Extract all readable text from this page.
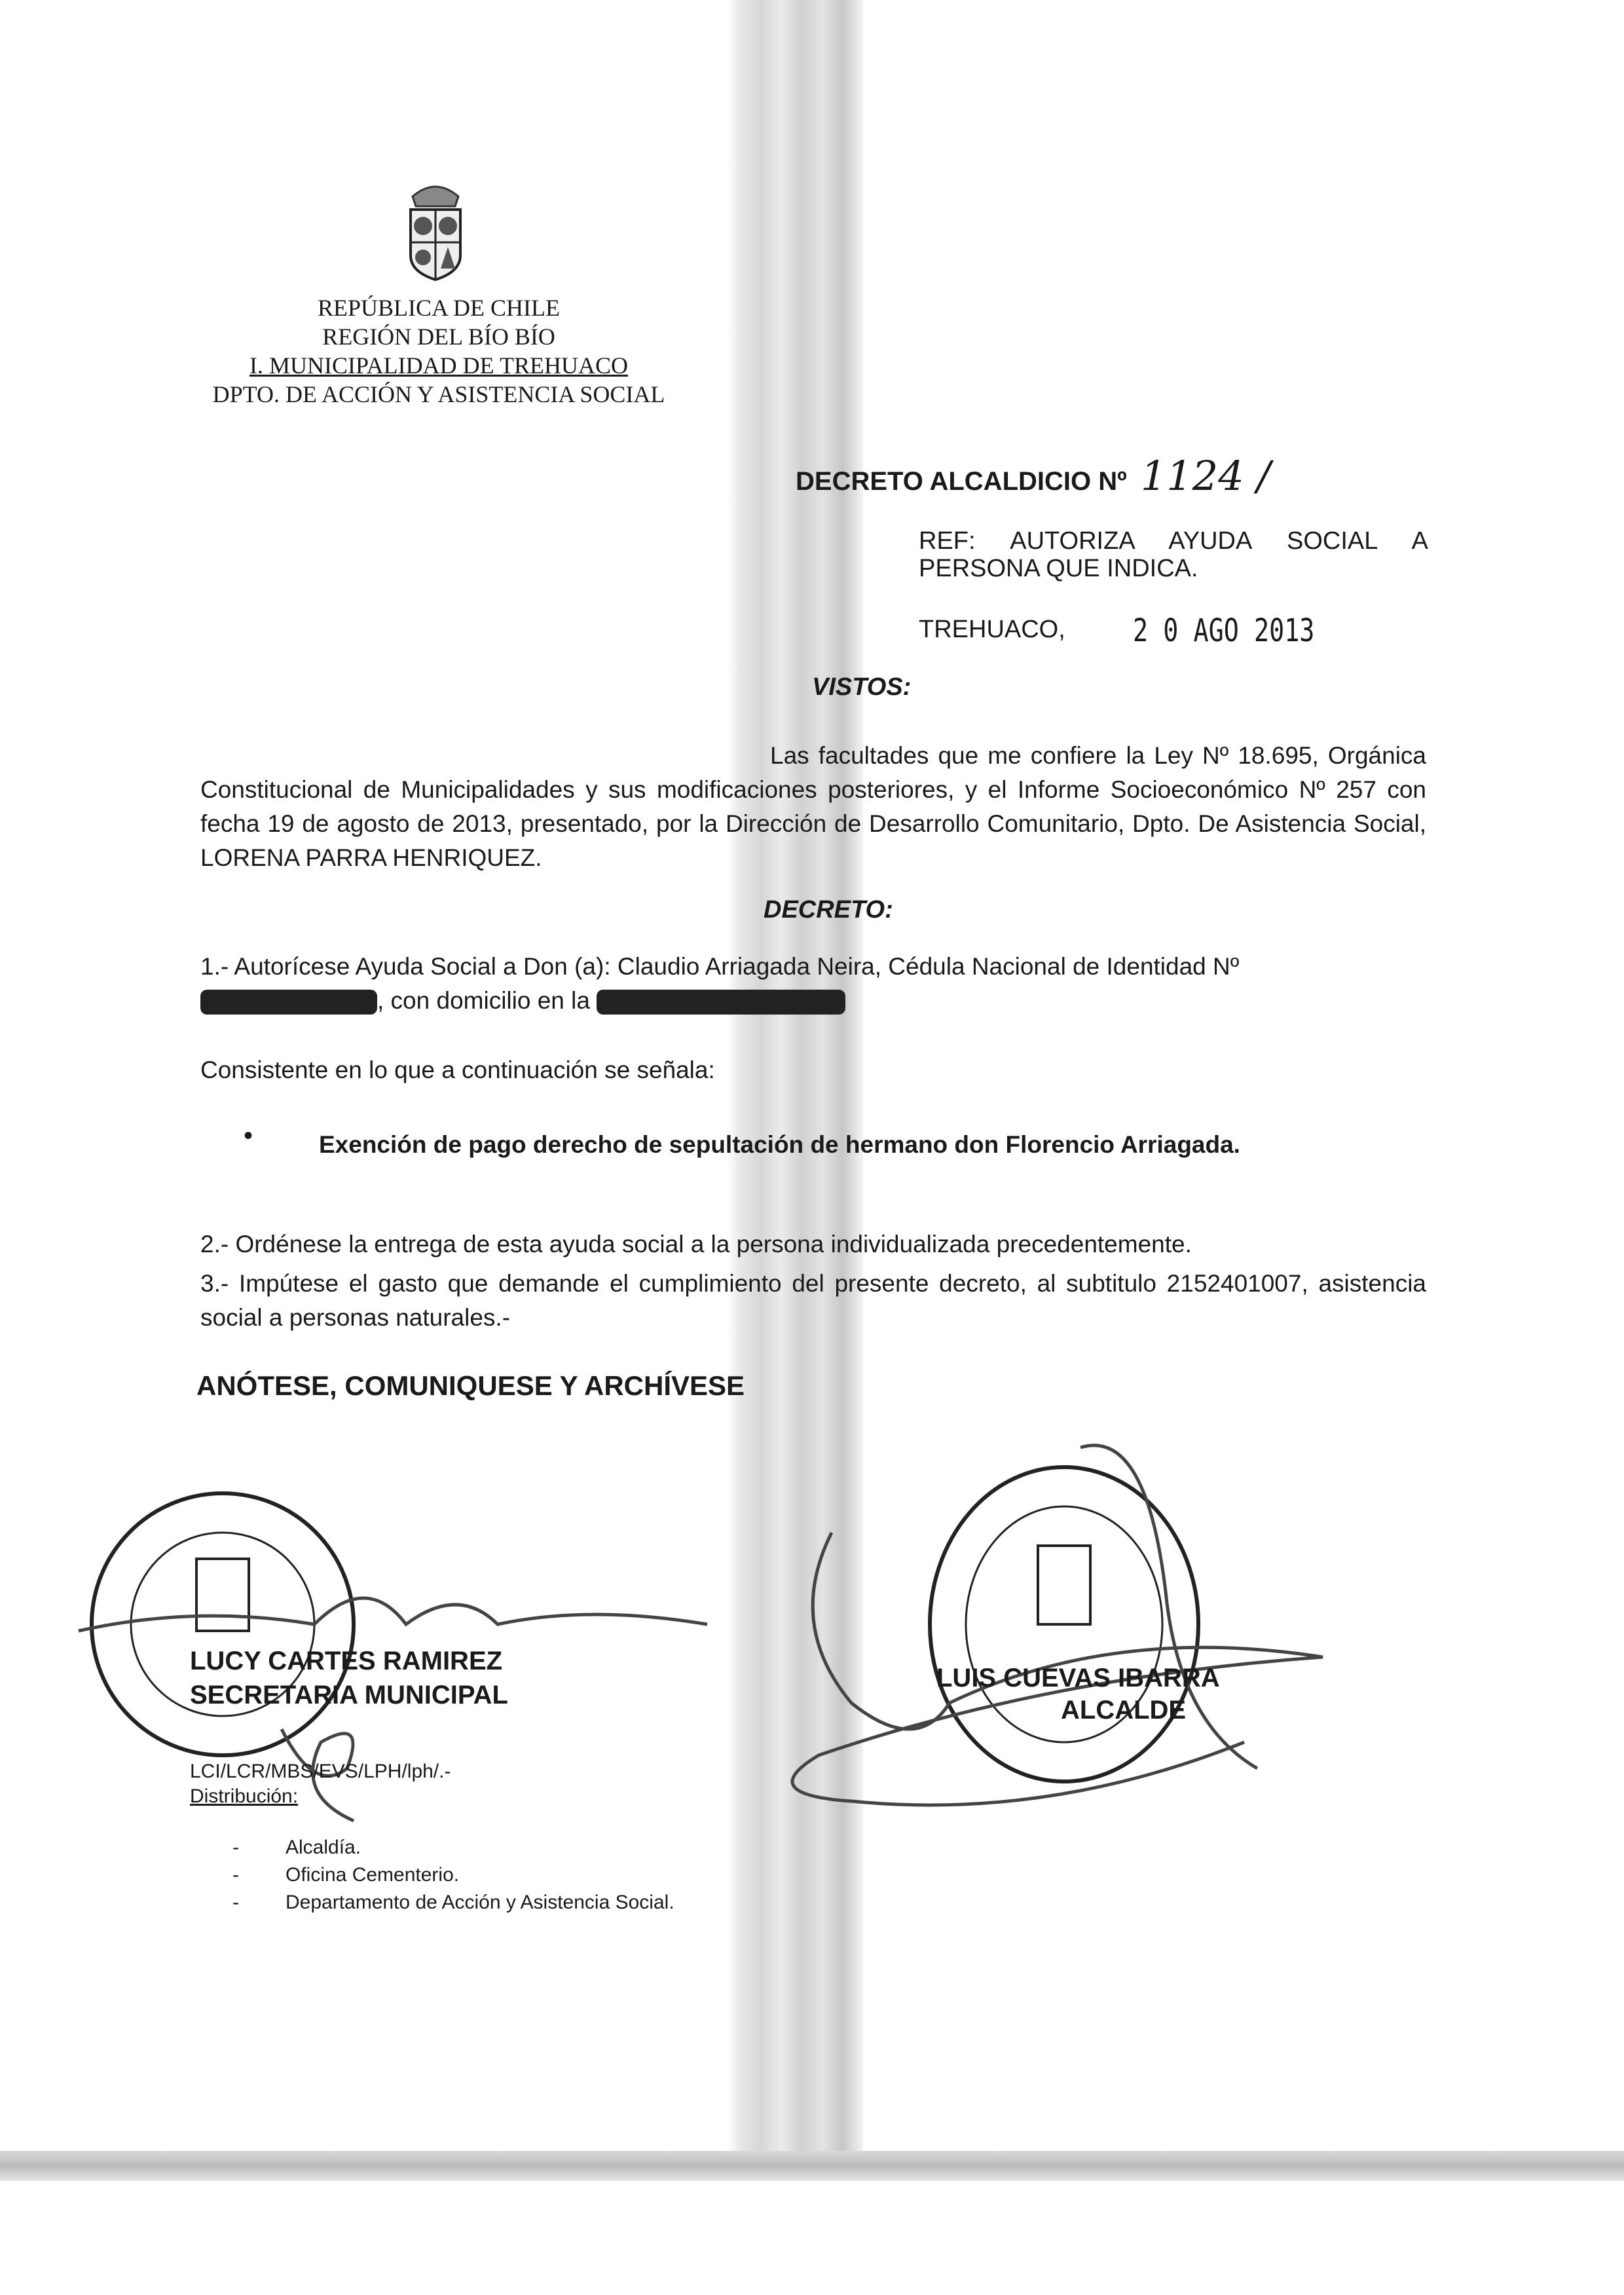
REPÚBLICA DE CHILE
REGIÓN DEL BÍO BÍO
I. MUNICIPALIDAD DE TREHUACO
DPTO. DE ACCIÓN Y ASISTENCIA SOCIAL
DECRETO ALCALDICIO Nº 1124 /
REF: AUTORIZA AYUDA SOCIAL A PERSONA QUE INDICA.
TREHUACO, 2 0 AGO 2013
VISTOS:
Las facultades que me confiere la Ley Nº 18.695, Orgánica Constitucional de Municipalidades y sus modificaciones posteriores, y el Informe Socioeconómico Nº 257 con fecha 19 de agosto de 2013, presentado, por la Dirección de Desarrollo Comunitario, Dpto. De Asistencia Social, LORENA PARRA HENRIQUEZ.
DECRETO:
1.- Autorícese Ayuda Social a Don (a): Claudio Arriagada Neira, Cédula Nacional de Identidad Nº
, con domicilio en la
Consistente en lo que a continuación se señala:
•	Exención de pago derecho de sepultación de hermano don Florencio Arriagada.
2.- Ordénese la entrega de esta ayuda social a la persona individualizada precedentemente.
3.- Impútese el gasto que demande el cumplimiento del presente decreto, al subtitulo 2152401007, asistencia social a personas naturales.-
ANÓTESE, COMUNIQUESE Y ARCHÍVESE
LUCY CARTES RAMIREZ
SECRETARIA MUNICIPAL
LUIS CUEVAS IBARRA
ALCALDE
LCI/LCR/MBS/EVS/LPH/lph/.-
Distribución:
- Alcaldía.
- Oficina Cementerio.
- Departamento de Acción y Asistencia Social.
